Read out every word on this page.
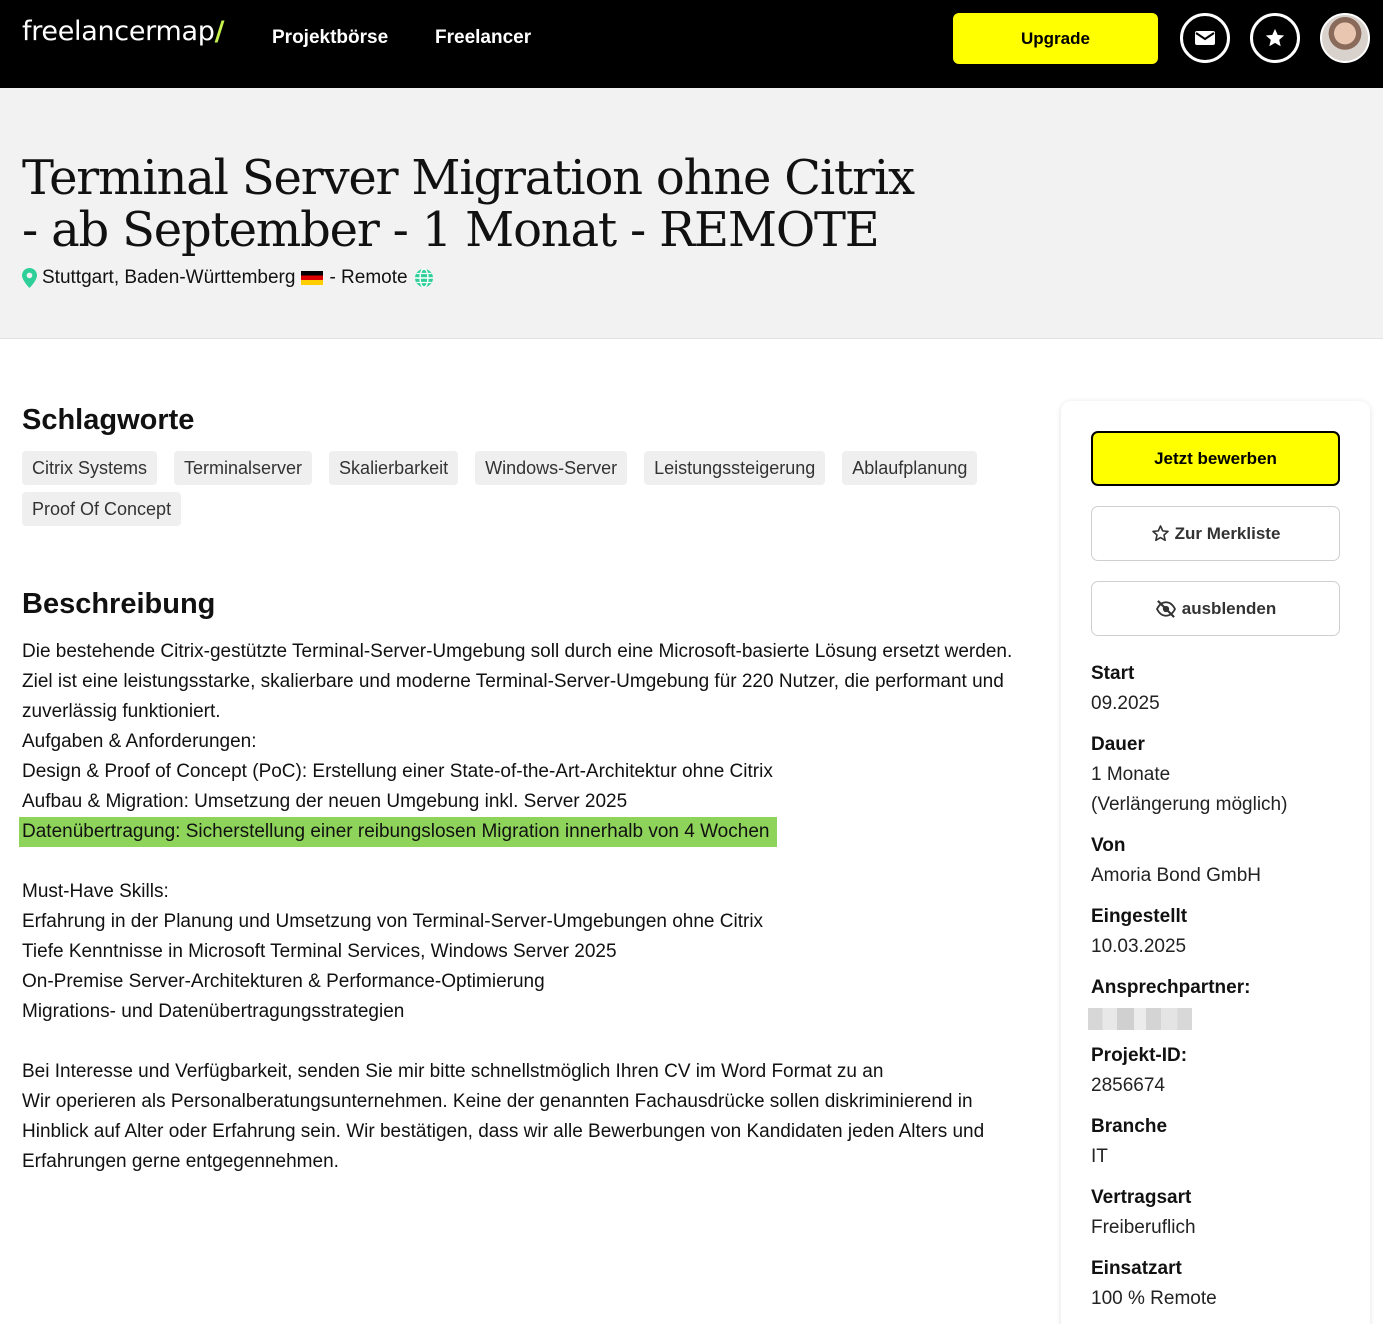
freelancermap/	Projektbörse Freelancer	Upgrade
Terminal Server Migration ohne Citrix
- ab September - 1 Monat - REMOTE
Stuttgart, Baden-Württemberg - Remote
Schlagworte
Citrix Systems	Terminalserver	Skalierbarkeit	Windows-Server	Leistungssteigerung	Ablaufplanung
Proof Of Concept
Beschreibung
Die bestehende Citrix-gestützte Terminal-Server-Umgebung soll durch eine Microsoft-basierte Lösung ersetzt werden. Ziel ist eine leistungsstarke, skalierbare und moderne Terminal-Server-Umgebung für 220 Nutzer, die performant und zuverlässig funktioniert.
Aufgaben & Anforderungen:
Design & Proof of Concept (PoC): Erstellung einer State-of-the-Art-Architektur ohne Citrix
Aufbau & Migration: Umsetzung der neuen Umgebung inkl. Server 2025
Datenübertragung: Sicherstellung einer reibungslosen Migration innerhalb von 4 Wochen
Must-Have Skills:
Erfahrung in der Planung und Umsetzung von Terminal-Server-Umgebungen ohne Citrix
Tiefe Kenntnisse in Microsoft Terminal Services, Windows Server 2025
On-Premise Server-Architekturen & Performance-Optimierung
Migrations- und Datenübertragungsstrategien
Bei Interesse und Verfügbarkeit, senden Sie mir bitte schnellstmöglich Ihren CV im Word Format zu an
Wir operieren als Personalberatungsunternehmen. Keine der genannten Fachausdrücke sollen diskriminierend in Hinblick auf Alter oder Erfahrung sein. Wir bestätigen, dass wir alle Bewerbungen von Kandidaten jeden Alters und Erfahrungen gerne entgegennehmen.
Jetzt bewerben
Zur Merkliste
ausblenden
Start
09.2025
Dauer
1 Monate
(Verlängerung möglich)
Von
Amoria Bond GmbH
Eingestellt
10.03.2025
Ansprechpartner:
Projekt-ID:
2856674
Branche
IT
Vertragsart
Freiberuflich
Einsatzart
100 % Remote
